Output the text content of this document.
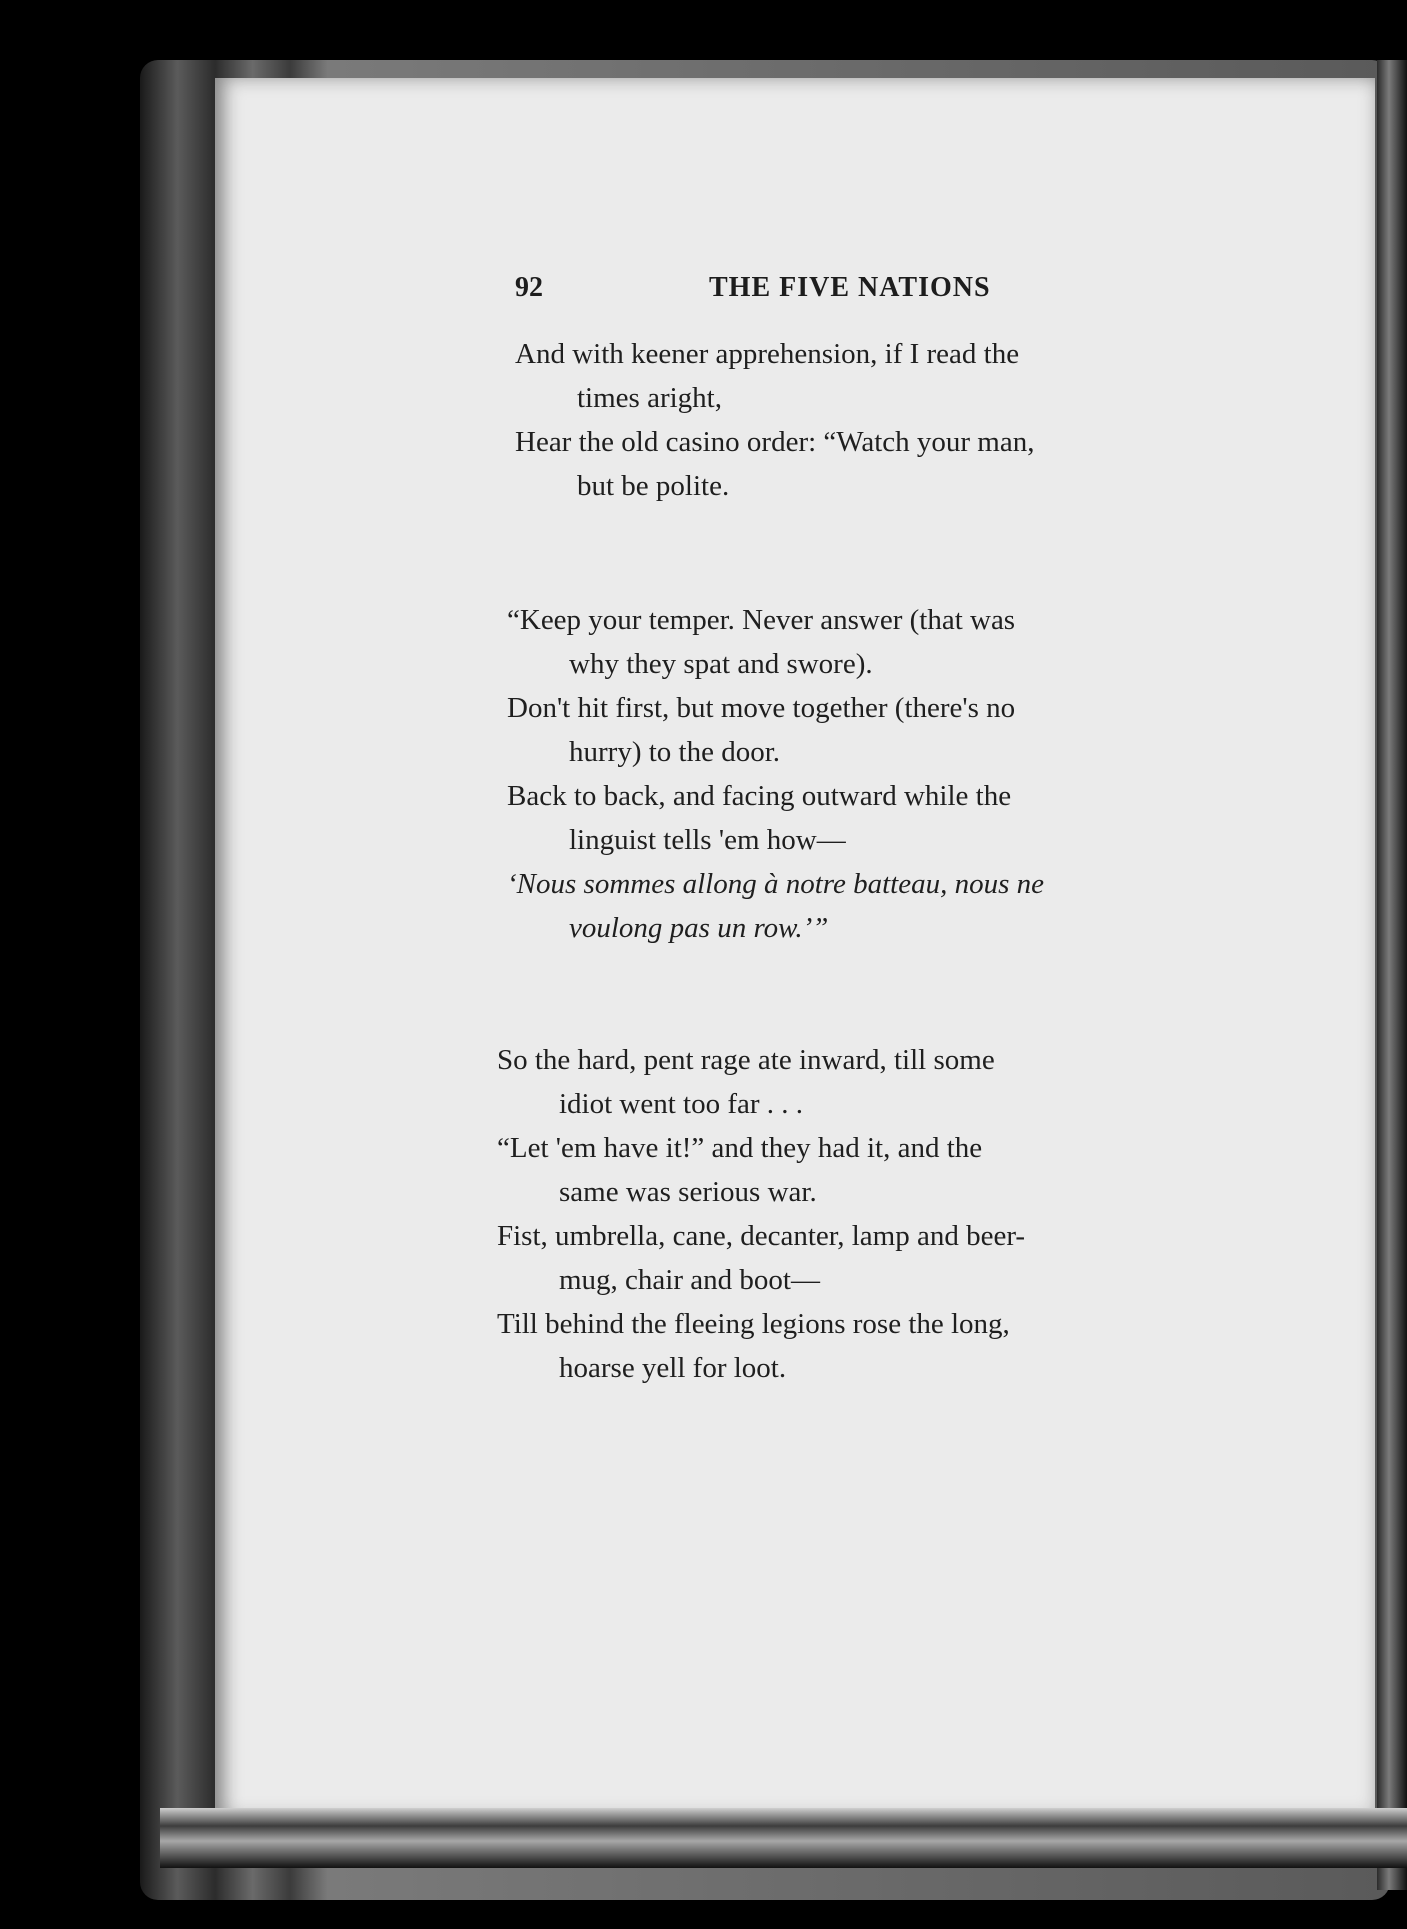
92	THE FIVE NATIONS

And with keener apprehension, if I read the
times aright,

Hear the old casino order: “Watch your man,
but be polite.

“Keep your temper. Never answer (that was
why they spat and swore).

Don't hit first, but move together (there's no
hurry) to the door.

Back to back, and facing outward while the
linguist tells 'em how—

‘Nous sommes allong à notre batteau, nous ne
voulong pas un row.’”

So the hard, pent rage ate inward, till some
idiot went too far . . .

“Let 'em have it!” and they had it, and the
same was serious war.

Fist, umbrella, cane, decanter, lamp and beer-
mug, chair and boot—

Till behind the fleeing legions rose the long,
hoarse yell for loot.
